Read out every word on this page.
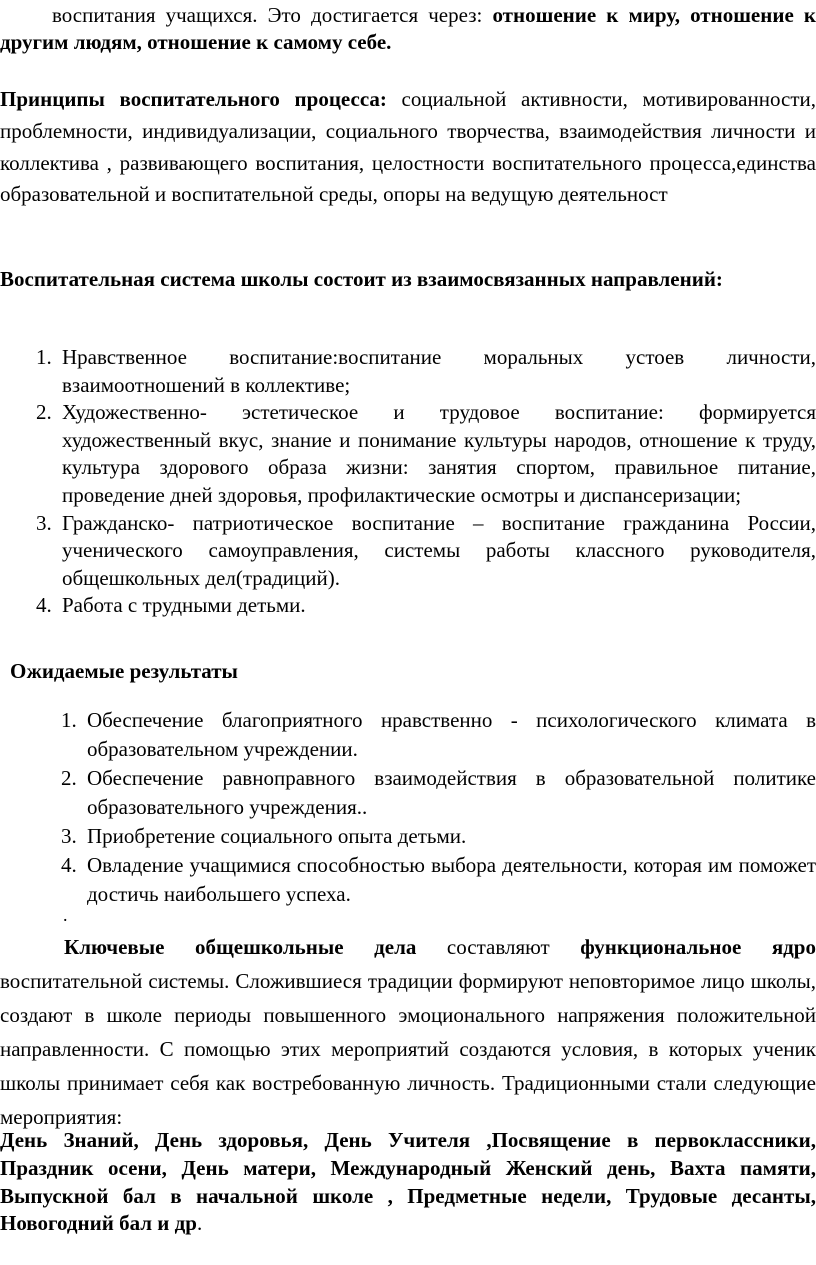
воспитания учащихся. Это достигается через: отношение к миру, отношение к другим людям, отношение к самому себе.

Принципы воспитательного процесса: социальной активности, мотивированности, проблемности, индивидуализации, социального творчества, взаимодействия личности и коллектива , развивающего воспитания, целостности воспитательного процесса,единства образовательной и воспитательной среды, опоры на ведущую деятельност

Воспитательная система школы состоит из взаимосвязанных направлений:

1. Нравственное воспитание:воспитание моральных устоев личности, взаимоотношений в коллективе;
2. Художественно- эстетическое и трудовое воспитание: формируется художественный вкус, знание и понимание культуры народов, отношение к труду, культура здорового образа жизни: занятия спортом, правильное питание, проведение дней здоровья, профилактические осмотры и диспансеризации;
3. Гражданско- патриотическое воспитание – воспитание гражданина России, ученического самоуправления, системы работы классного руководителя, общешкольных дел(традиций).
4. Работа с трудными детьми.
Ожидаемые результаты
1. Обеспечение благоприятного нравственно - психологического климата в образовательном учреждении.
2. Обеспечение равноправного взаимодействия в образовательной политике образовательного учреждения..
3. Приобретение социального опыта детьми.
4. Овладение учащимися способностью выбора деятельности, которая им поможет достичь наибольшего успеха.
.

Ключевые общешкольные дела составляют функциональное ядро воспитательной системы. Сложившиеся традиции формируют неповторимое лицо школы, создают в школе периоды повышенного эмоционального напряжения положительной направленности. С помощью этих мероприятий создаются условия, в которых ученик школы принимает себя как востребованную личность. Традиционными стали следующие мероприятия:

День Знаний, День здоровья, День Учителя ,Посвящение в первоклассники, Праздник осени, День матери, Международный Женский день, Вахта памяти, Выпускной бал в начальной школе , Предметные недели, Трудовые десанты, Новогодний бал и др.
